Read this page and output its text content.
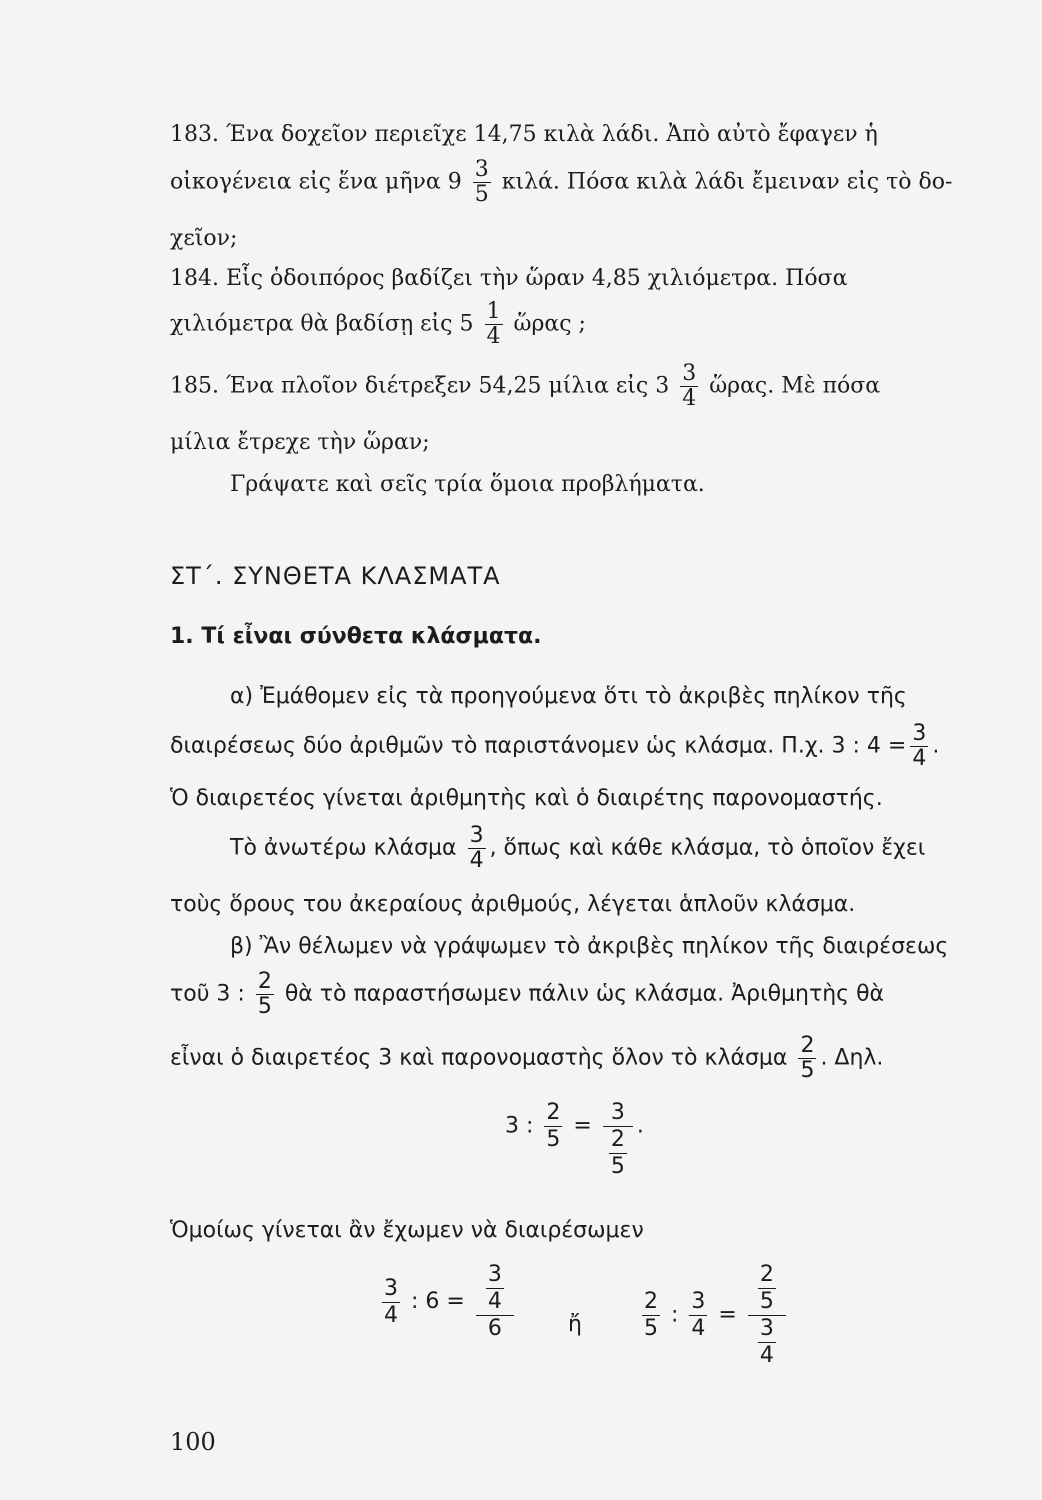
183. Ένα δοχεῖον περιεῖχε 14,75 κιλὰ λάδι. Ἀπὸ αὐτὸ ἔφαγεν ἡ
οἰκογένεια εἰς ἕνα μῆνα $9 \frac{3}{5} \kappa\iota\lambda ά$. Πόσα κιλὰ λάδι ἔμειναν εἰς τὸ δο-
χεῖον;
184. Εἷς ὁδοιπόρος βαδίζει τὴν ὥραν 4,85 χιλιόμετρα. Πόσα
χιλιόμετρα θὰ βαδίσῃ εἰς $5 \frac{1}{4}$ ὥρας ;
185. Ένα πλοῖον διέτρεξεν 54,25 μίλια εἰς $3 \frac{3}{4}$ ὥρας. Μὲ πόσα
μίλια ἔτρεχε τὴν ὥραν;
Γράψατε καὶ σεῖς τρία ὅμοια προβλήματα.
ΣΤ΄. ΣΥΝΘΕΤΑ ΚΛΑΣΜΑΤΑ
1. Τί εἶναι σύνθετα κλάσματα.
α) Ἐμάθομεν εἰς τὰ προηγούμενα ὅτι τὸ ἀκριβὲς πηλίκον τῆς
διαιρέσεως δύο ἀριθμῶν τὸ παριστάνομεν ὡς κλάσμα. Π.χ. 3 : $4 = \frac{3}{4}$ .
Ὁ διαιρετέος γίνεται ἀριθμητὴς καὶ ὁ διαιρέτης παρονομαστής.
Τὸ ἀνωτέρω κλάσμα $\frac{3}{4}$ , ὅπως καὶ κάθε κλάσμα, τὸ ὁποῖον ἔχει
τοὺς ὅρους του ἀκεραίους ἀριθμούς, λέγεται ἁπλοῦν κλάσμα.
β) Ἂν θέλωμεν νὰ γράψωμεν τὸ ἀκριβὲς πηλίκον τῆς διαιρέσεως
τοῦ 3 : $\frac{2}{5}$ θὰ τὸ παραστήσωμεν πάλιν ὡς κλάσμα. Ἀριθμητὴς θὰ
εἶναι ὁ διαιρετέος 3 καὶ παρονομαστὴς ὅλον τὸ κλάσμα $\frac{2}{5}$ . Δηλ.
3 : $\frac{2}{5} = \frac{3}{\frac{2}{5}}$ .
Ὁμοίως γίνεται ἂν ἔχωμεν νὰ διαιρέσωμεν
$\frac{3}{4}$ : $6 = \frac{\frac{3}{4}}{6}$ ἤ	$\frac{2}{5}$ : $\frac{3}{4} = \frac{\frac{2}{5}}{\frac{3}{4}}$
100
